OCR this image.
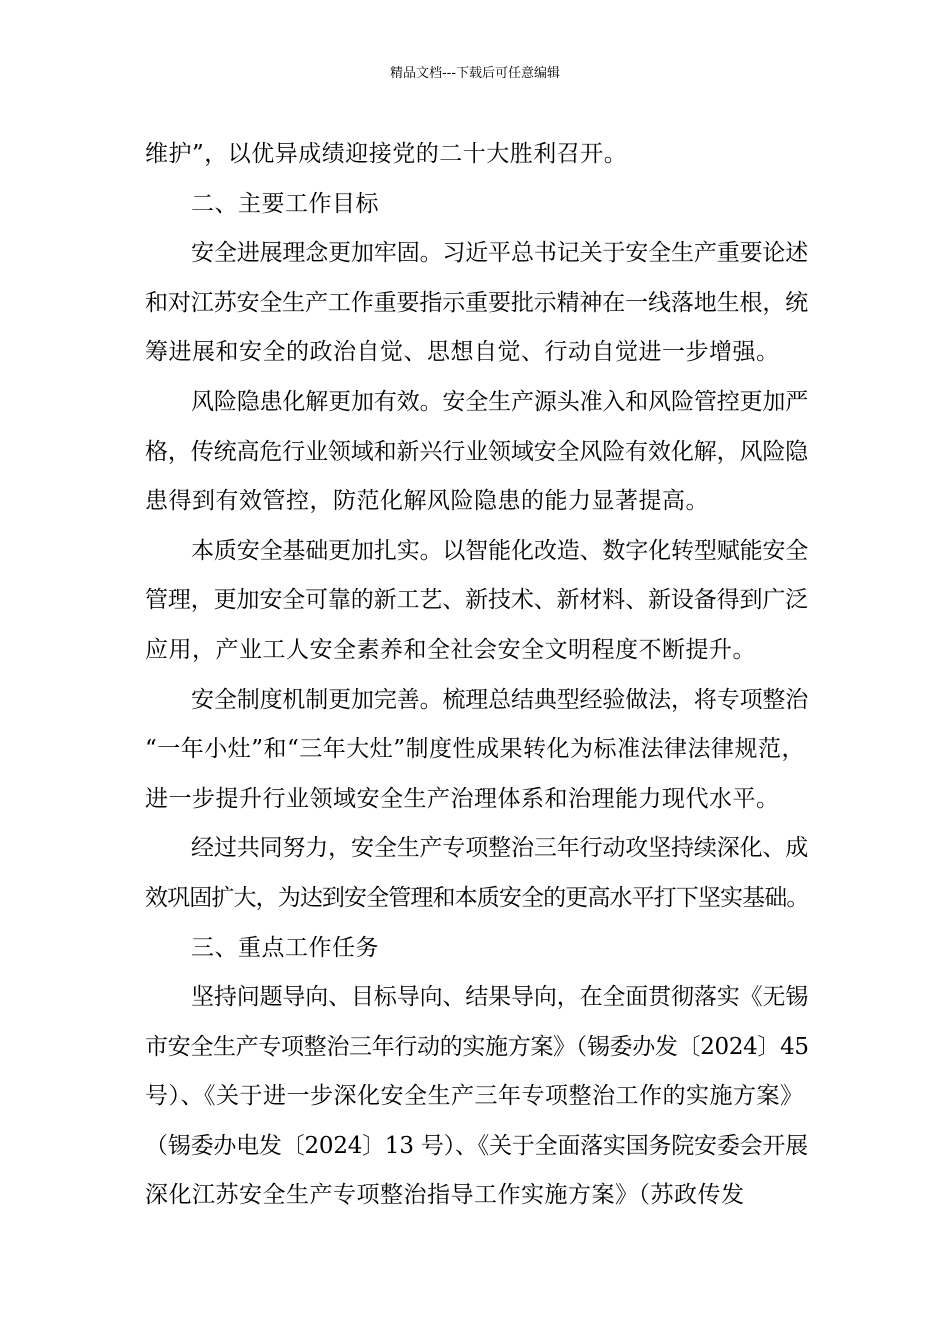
精品文档---下载后可任意编辑
维护”，以优异成绩迎接党的二十大胜利召开。
二、主要工作目标
安全进展理念更加牢固。习近平总书记关于安全生产重要论述
和对江苏安全生产工作重要指示重要批示精神在一线落地生根，统
筹进展和安全的政治自觉、思想自觉、行动自觉进一步增强。
风险隐患化解更加有效。安全生产源头准入和风险管控更加严
格，传统高危行业领域和新兴行业领域安全风险有效化解，风险隐
患得到有效管控，防范化解风险隐患的能力显著提高。
本质安全基础更加扎实。以智能化改造、数字化转型赋能安全
管理，更加安全可靠的新工艺、新技术、新材料、新设备得到广泛
应用，产业工人安全素养和全社会安全文明程度不断提升。
安全制度机制更加完善。梳理总结典型经验做法，将专项整治
“一年小灶”和“三年大灶”制度性成果转化为标准法律法律规范，
进一步提升行业领域安全生产治理体系和治理能力现代水平。
经过共同努力，安全生产专项整治三年行动攻坚持续深化、成
效巩固扩大，为达到安全管理和本质安全的更高水平打下坚实基础。
三、重点工作任务
坚持问题导向、目标导向、结果导向，在全面贯彻落实《无锡
市安全生产专项整治三年行动的实施方案》（锡委办发〔2024〕45
号）、《关于进一步深化安全生产三年专项整治工作的实施方案》
（锡委办电发〔2024〕13 号）、《关于全面落实国务院安委会开展
深化江苏安全生产专项整治指导工作实施方案》（苏政传发
